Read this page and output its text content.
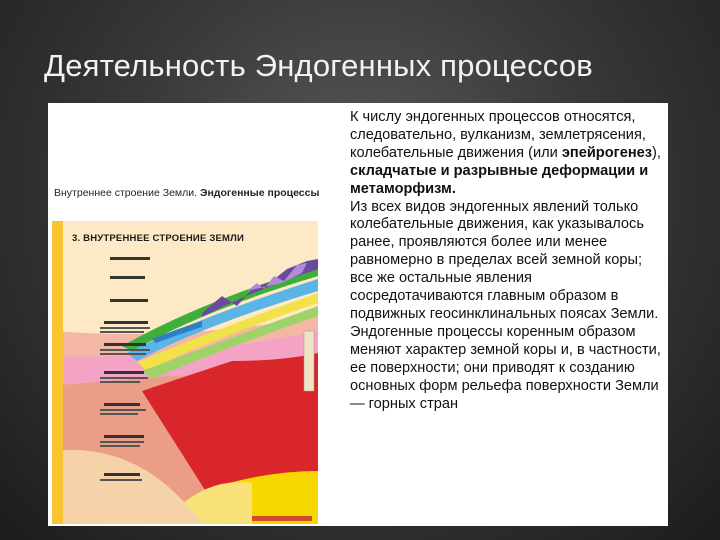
Деятельность Эндогенных процессов
Внутреннее строение Земли. Эндогенные процессы
3. ВНУТРЕННЕЕ СТРОЕНИЕ ЗЕМЛИ
К числу эндогенных процессов относятся, следовательно, вулканизм, землетрясения, колебательные движения (или эпейрогенез), складчатые и разрывные деформации и метаморфизм.
Из всех видов эндогенных явлений только колебательные движения, как указывалось ранее, проявляются более или менее равномерно в пределах всей земной коры; все же остальные явления сосредотачиваются главным образом в подвижных геосинклинальных поясах Земли. Эндогенные процессы коренным образом меняют характер земной коры и, в частности, ее поверхности; они приводят к созданию основных форм рельефа поверхности Земли — горных стран
